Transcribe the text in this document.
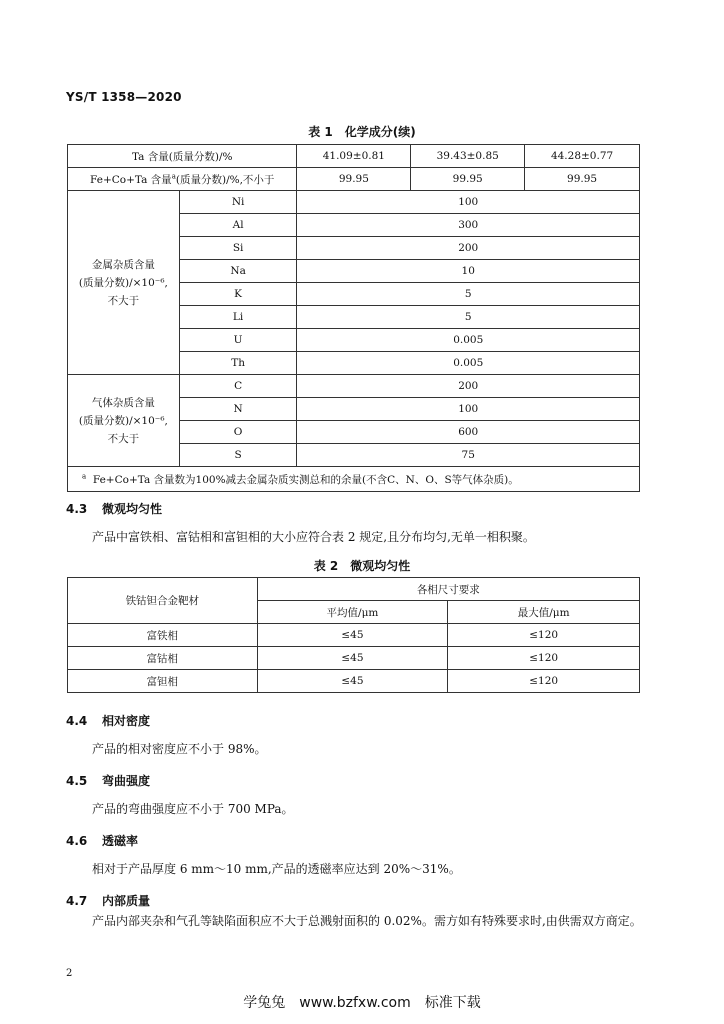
YS/T 1358—2020
表 1　化学成分(续)
Ta 含量(质量分数)/%		41.09±0.81	39.43±0.85	44.28±0.77
Fe+Co+Ta 含量$^a$(质量分数)/%,不小于		99.95	99.95	99.95

金属杂质含量
(质量分数)/×10⁻⁶,
不大于	Ni	100		
	Al	300		
	Si	200		
	Na	10		
	K	5		
	Li	5		
	U	0.005		
	Th	0.005		

气体杂质含量
(质量分数)/×10⁻⁶,
不大于	C	200		
	N	100		
	O	600		
	S	75		
$^a$ Fe+Co+Ta 含量数为100%减去金属杂质实测总和的余量(不含C、N、O、S等气体杂质)。				
4.3 微观均匀性
产品中富铁相、富钴相和富钽相的大小应符合表 2 规定,且分布均匀,无单一相积聚。
表 2　微观均匀性
铁钴钽合金靶材	各相尺寸要求	
	平均值/μm	最大值/μm
富铁相	≤45	≤120
富钴相	≤45	≤120
富钽相	≤45	≤120
4.4 相对密度
产品的相对密度应不小于 98%。
4.5 弯曲强度
产品的弯曲强度应不小于 700 MPa。
4.6 透磁率
相对于产品厚度 6 mm～10 mm,产品的透磁率应达到 20%～31%。
4.7 内部质量
产品内部夹杂和气孔等缺陷面积应不大于总溅射面积的 0.02%。需方如有特殊要求时,由供需双方商定。
2
学兔兔　www.bzfxw.com　标准下载
